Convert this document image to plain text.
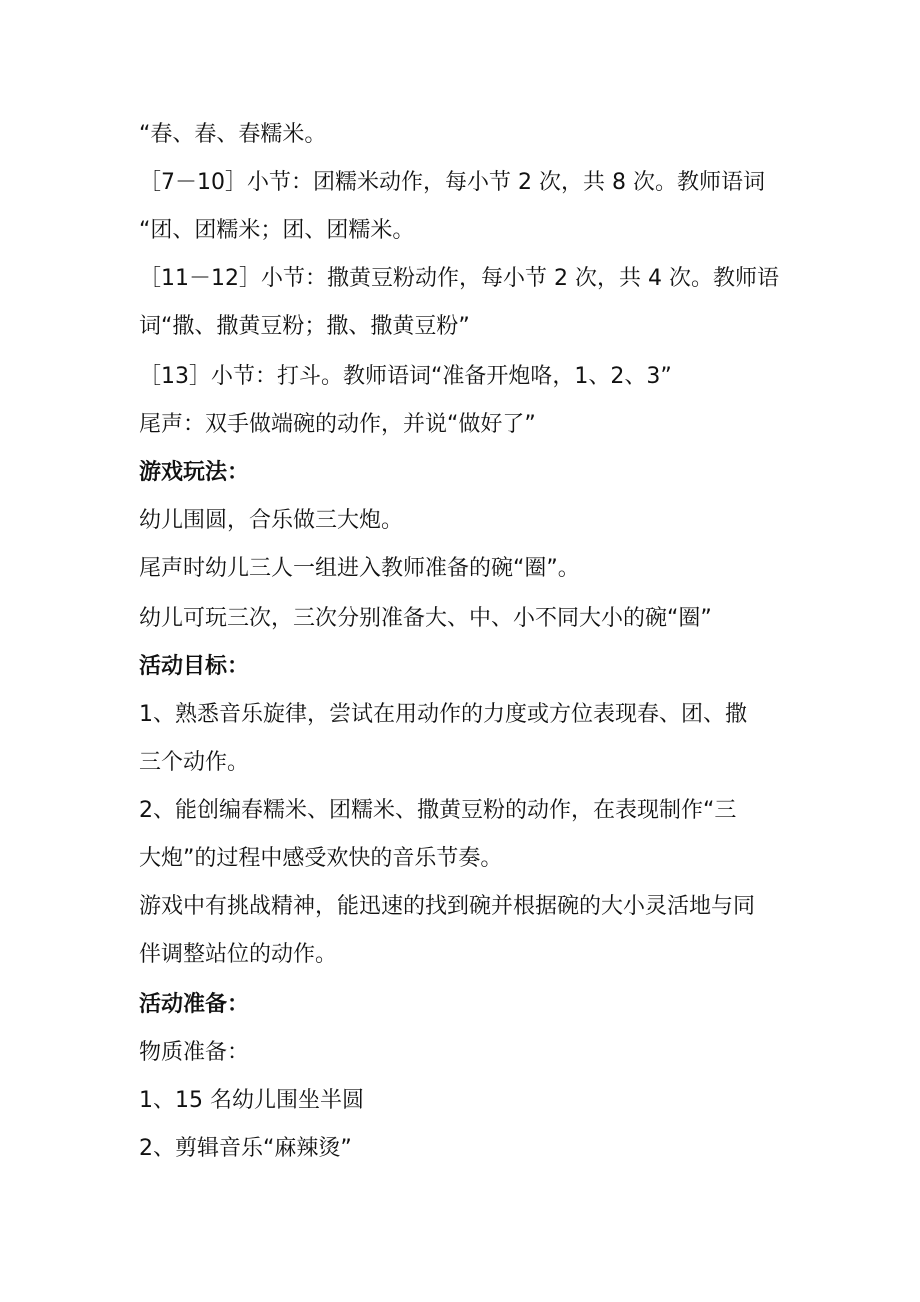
“春、春、春糯米。
［7－10］小节：团糯米动作，每小节 2 次，共 8 次。教师语词
“团、团糯米；团、团糯米。
［11－12］小节：撒黄豆粉动作，每小节 2 次，共 4 次。教师语
词“撒、撒黄豆粉；撒、撒黄豆粉”
［13］小节：打斗。教师语词“准备开炮咯，1、2、3”
尾声：双手做端碗的动作，并说“做好了”
游戏玩法：
幼儿围圆，合乐做三大炮。
尾声时幼儿三人一组进入教师准备的碗“圈”。
幼儿可玩三次，三次分别准备大、中、小不同大小的碗“圈”
活动目标：
1、熟悉音乐旋律，尝试在用动作的力度或方位表现春、团、撒
三个动作。
2、能创编春糯米、团糯米、撒黄豆粉的动作，在表现制作“三
大炮”的过程中感受欢快的音乐节奏。
游戏中有挑战精神，能迅速的找到碗并根据碗的大小灵活地与同
伴调整站位的动作。
活动准备：
物质准备：
1、15 名幼儿围坐半圆
2、剪辑音乐“麻辣烫”
